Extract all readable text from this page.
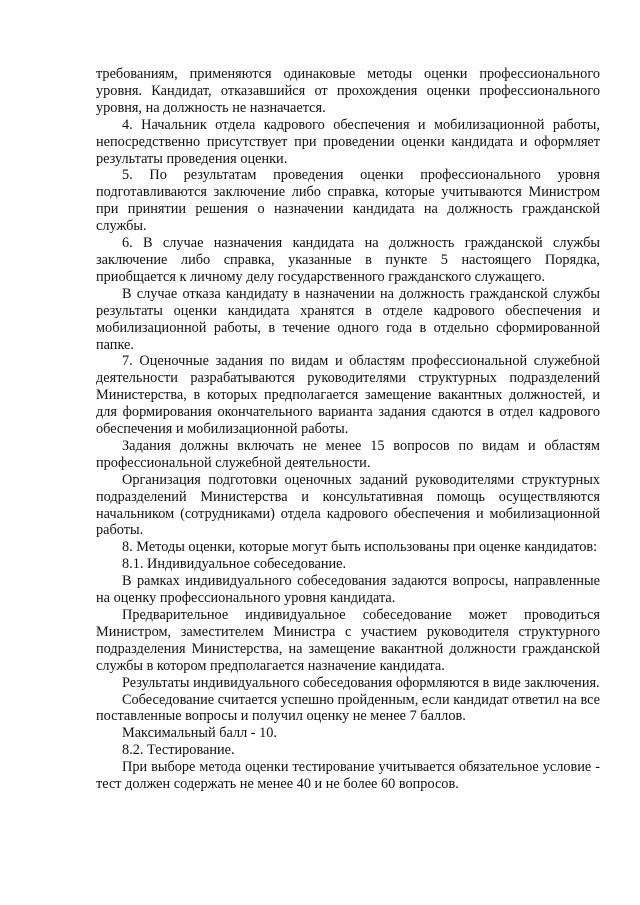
требованиям, применяются одинаковые методы оценки профессионального уровня. Кандидат, отказавшийся от прохождения оценки профессионального уровня, на должность не назначается.

4. Начальник отдела кадрового обеспечения и мобилизационной работы, непосредственно присутствует при проведении оценки кандидата и оформляет результаты проведения оценки.

5. По результатам проведения оценки профессионального уровня подготавливаются заключение либо справка, которые учитываются Министром при принятии решения о назначении кандидата на должность гражданской службы.

6. В случае назначения кандидата на должность гражданской службы заключение либо справка, указанные в пункте 5 настоящего Порядка, приобщается к личному делу государственного гражданского служащего.

В случае отказа кандидату в назначении на должность гражданской службы результаты оценки кандидата хранятся в отделе кадрового обеспечения и мобилизационной работы, в течение одного года в отдельно сформированной папке.

7. Оценочные задания по видам и областям профессиональной служебной деятельности разрабатываются руководителями структурных подразделений Министерства, в которых предполагается замещение вакантных должностей, и для формирования окончательного варианта задания сдаются в отдел кадрового обеспечения и мобилизационной работы.

Задания должны включать не менее 15 вопросов по видам и областям профессиональной служебной деятельности.

Организация подготовки оценочных заданий руководителями структурных подразделений Министерства и консультативная помощь осуществляются начальником (сотрудниками) отдела кадрового обеспечения и мобилизационной работы.

8. Методы оценки, которые могут быть использованы при оценке кандидатов:

8.1. Индивидуальное собеседование.

В рамках индивидуального собеседования задаются вопросы, направленные на оценку профессионального уровня кандидата.

Предварительное индивидуальное собеседование может проводиться Министром, заместителем Министра с участием руководителя структурного подразделения Министерства, на замещение вакантной должности гражданской службы в котором предполагается назначение кандидата.

Результаты индивидуального собеседования оформляются в виде заключения.

Собеседование считается успешно пройденным, если кандидат ответил на все поставленные вопросы и получил оценку не менее 7 баллов.

Максимальный балл - 10.

8.2. Тестирование.

При выборе метода оценки тестирование учитывается обязательное условие - тест должен содержать не менее 40 и не более 60 вопросов.
